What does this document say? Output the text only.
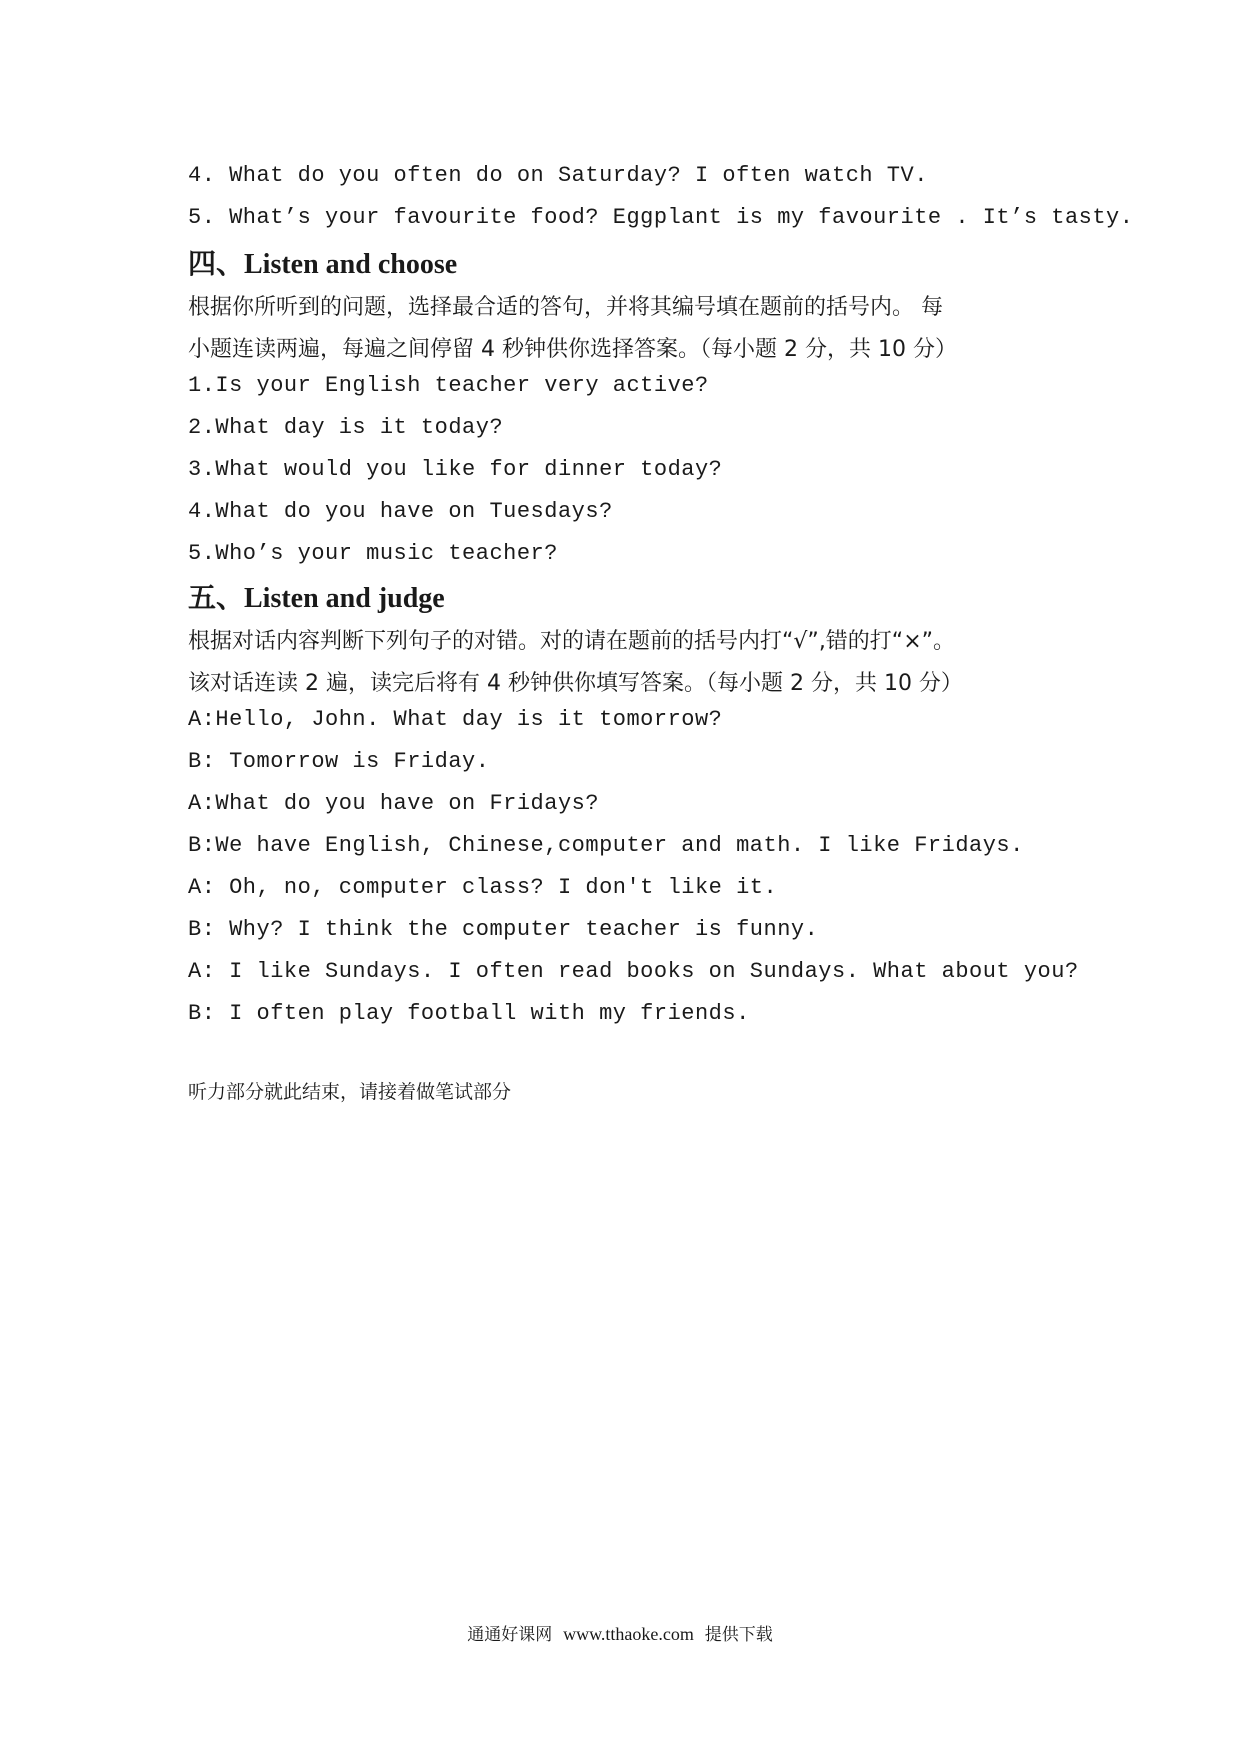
4. What do you often do on Saturday? I often watch TV.
5. What’s your favourite food? Eggplant is my favourite . It’s tasty.
四、Listen and choose
根据你所听到的问题，选择最合适的答句，并将其编号填在题前的括号内。 每
小题连读两遍，每遍之间停留 4 秒钟供你选择答案。（每小题 2 分，共 10 分）
1.Is your English teacher very active?
2.What day is it today?
3.What would you like for dinner today?
4.What do you have on Tuesdays?
5.Who’s your music teacher?
五、Listen and judge
根据对话内容判断下列句子的对错。对的请在题前的括号内打“√”,错的打“×”。
该对话连读 2 遍，读完后将有 4 秒钟供你填写答案。（每小题 2 分，共 10 分）
A:Hello, John. What day is it tomorrow?
B: Tomorrow is Friday.
A:What do you have on Fridays?
B:We have English, Chinese,computer and math. I like Fridays.
A: Oh, no, computer class? I don't like it.
B: Why? I think the computer teacher is funny.
A: I like Sundays. I often read books on Sundays. What about you?
B: I often play football with my friends.
听力部分就此结束，请接着做笔试部分
通通好课网 www.tthaoke.com 提供下载
